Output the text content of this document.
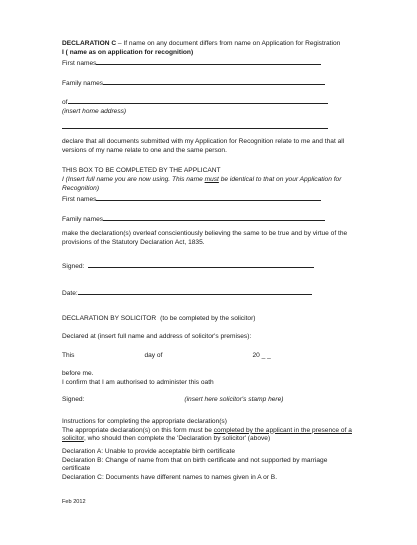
DECLARATION C – If name on any document differs from name on Application for Registration
I ( name as on application for recognition)
First names
Family names
of
(insert home address)
declare that all documents submitted with my Application for Recognition relate to me and that all versions of my name relate to one and the same person.
THIS BOX TO BE COMPLETED BY THE APPLICANT
I (Insert full name you are now using. This name must be identical to that on your Application for Recognition)
First names
Family names
make the declaration(s) overleaf conscientiously believing the same to be true and by virtue of the provisions of the Statutory Declaration Act, 1835.
Signed:
Date:
DECLARATION BY SOLICITOR (to be completed by the solicitor)
Declared at (insert full name and address of solicitor's premises):
This	day of	20 _ _
before me.
I confirm that I am authorised to administer this oath
Signed:	(insert here solicitor's stamp here)
Instructions for completing the appropriate declaration(s)
The appropriate declaration(s) on this form must be completed by the applicant in the presence of a solicitor, who should then complete the 'Declaration by solicitor' (above)
Declaration A: Unable to provide acceptable birth certificate
Declaration B: Change of name from that on birth certificate and not supported by marriage certificate
Declaration C: Documents have different names to names given in A or B.
Feb 2012
